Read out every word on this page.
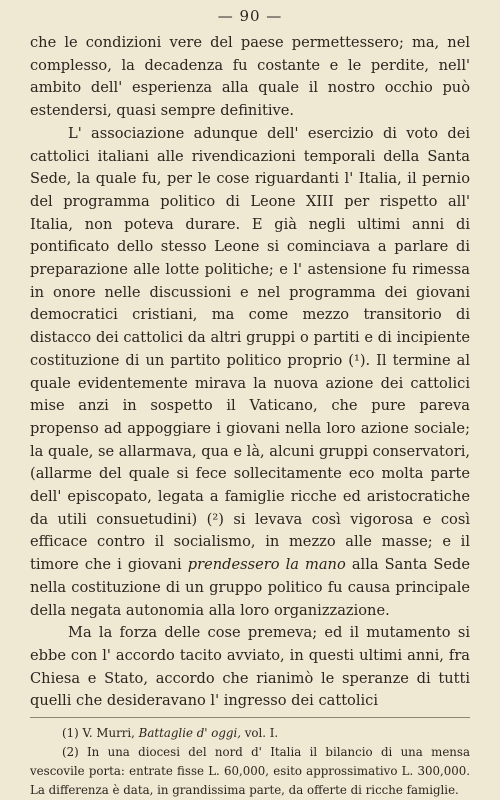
— 90 —

che le condizioni vere del paese permettessero; ma, nel complesso, la decadenza fu costante e le perdite, nell' ambito dell' esperienza alla quale il nostro occhio può estendersi, quasi sempre definitive.

L' associazione adunque dell' esercizio di voto dei cattolici italiani alle rivendicazioni temporali della Santa Sede, la quale fu, per le cose riguardanti l' Italia, il pernio del programma politico di Leone XIII per rispetto all' Italia, non poteva durare. E già negli ultimi anni di pontificato dello stesso Leone si cominciava a parlare di preparazione alle lotte politiche; e l' astensione fu rimessa in onore nelle discussioni e nel programma dei giovani democratici cristiani, ma come mezzo transitorio di distacco dei cattolici da altri gruppi o partiti e di incipiente costituzione di un partito politico proprio (¹). Il termine al quale evidentemente mirava la nuova azione dei cattolici mise anzi in sospetto il Vaticano, che pure pareva propenso ad appoggiare i giovani nella loro azione sociale; la quale, se allarmava, qua e là, alcuni gruppi conservatori, (allarme del quale si fece sollecitamente eco molta parte dell' episcopato, legata a famiglie ricche ed aristocratiche da utili consuetudini) (²) si levava così vigorosa e così efficace contro il socialismo, in mezzo alle masse; e il timore che i giovani prendessero la mano alla Santa Sede nella costituzione di un gruppo politico fu causa principale della negata autonomia alla loro organizzazione.

Ma la forza delle cose premeva; ed il mutamento si ebbe con l' accordo tacito avviato, in questi ultimi anni, fra Chiesa e Stato, accordo che rianimò le speranze di tutti quelli che desideravano l' ingresso dei cattolici

(1) V. Murri, Battaglie d' oggi, vol. I.

(2) In una diocesi del nord d' Italia il bilancio di una mensa vescovile porta: entrate fisse L. 60,000, esito approssimativo L. 300,000. La differenza è data, in grandissima parte, da offerte di ricche famiglie.
